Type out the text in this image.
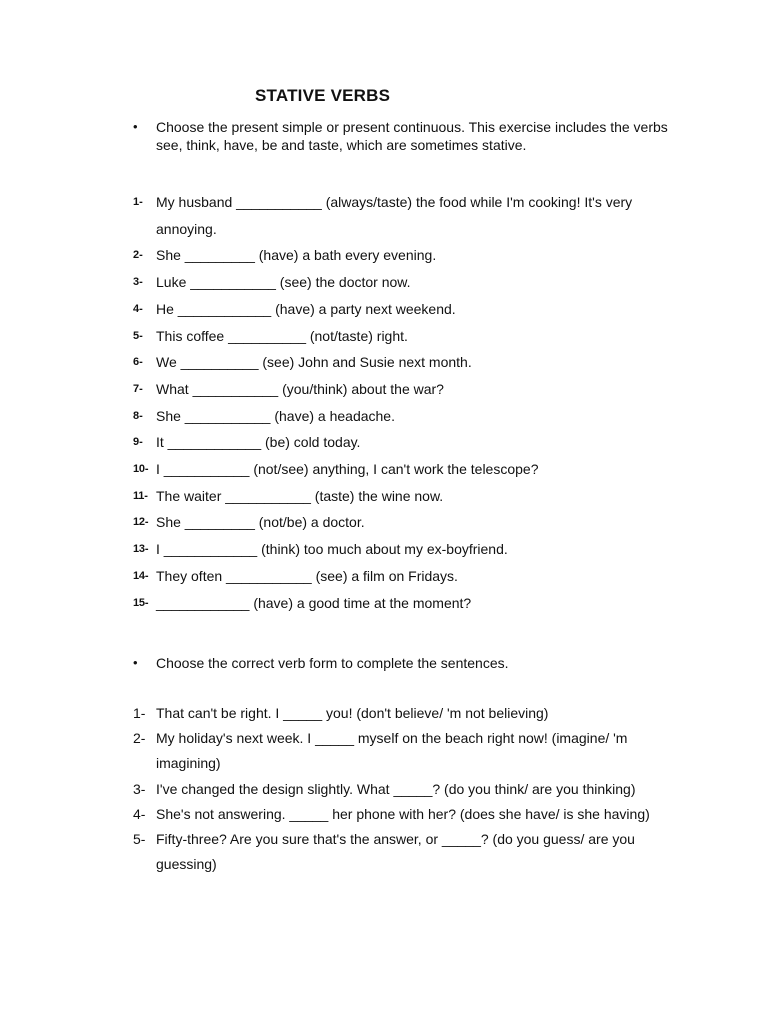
STATIVE VERBS
•	Choose the present simple or present continuous. This exercise includes the verbs see, think, have, be and taste, which are sometimes stative.
1- My husband ___________ (always/taste) the food while I'm cooking! It's very annoying.
2- She _________ (have) a bath every evening.
3- Luke ___________ (see) the doctor now.
4- He ____________ (have) a party next weekend.
5- This coffee __________ (not/taste) right.
6- We __________ (see) John and Susie next month.
7- What ___________ (you/think) about the war?
8- She ___________ (have) a headache.
9- It ____________ (be) cold today.
10- I ___________ (not/see) anything, I can't work the telescope?
11- The waiter ___________ (taste) the wine now.
12- She _________ (not/be) a doctor.
13- I ____________ (think) too much about my ex-boyfriend.
14- They often ___________ (see) a film on Fridays.
15- ____________ (have) a good time at the moment?
•	Choose the correct verb form to complete the sentences.
1- That can't be right. I _____ you! (don't believe/ 'm not believing)
2- My holiday's next week. I _____ myself on the beach right now! (imagine/ 'm imagining)
3- I've changed the design slightly. What _____? (do you think/ are you thinking)
4- She's not answering. _____ her phone with her? (does she have/ is she having)
5- Fifty-three? Are you sure that's the answer, or _____? (do you guess/ are you guessing)
